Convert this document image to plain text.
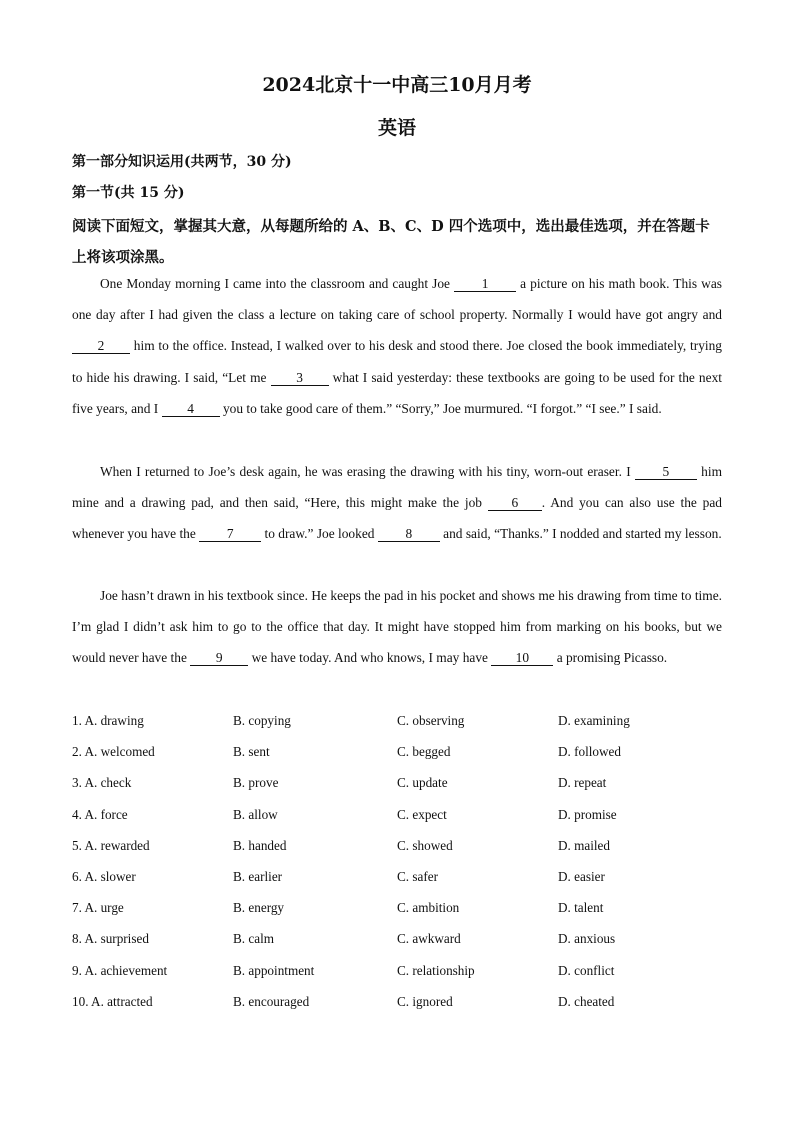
2024北京十一中高三10月月考
英语
第一部分知识运用(共两节，30 分)
第一节(共 15 分)
阅读下面短文，掌握其大意，从每题所给的 A、B、C、D 四个选项中，选出最佳选项，并在答题卡上将该项涂黑。
One Monday morning I came into the classroom and caught Joe 1 a picture on his math book. This was one day after I had given the class a lecture on taking care of school property. Normally I would have got angry and 2 him to the office. Instead, I walked over to his desk and stood there. Joe closed the book immediately, trying to hide his drawing. I said, “Let me 3 what I said yesterday: these textbooks are going to be used for the next five years, and I 4 you to take good care of them.” “Sorry,” Joe murmured. “I forgot.” “I see.” I said.
When I returned to Joe’s desk again, he was erasing the drawing with his tiny, worn-out eraser. I 5 him mine and a drawing pad, and then said, “Here, this might make the job 6 . And you can also use the pad whenever you have the 7 to draw.” Joe looked 8 and said, “Thanks.” I nodded and started my lesson.
Joe hasn’t drawn in his textbook since. He keeps the pad in his pocket and shows me his drawing from time to time. I’m glad I didn’t ask him to go to the office that day. It might have stopped him from marking on his books, but we would never have the 9 we have today. And who knows, I may have 10 a promising Picasso.
1. A. drawing	B. copying	C. observing	D. examining
2. A. welcomed	B. sent	C. begged	D. followed
3. A. check	B. prove	C. update	D. repeat
4. A. force	B. allow	C. expect	D. promise
5. A. rewarded	B. handed	C. showed	D. mailed
6. A. slower	B. earlier	C. safer	D. easier
7. A. urge	B. energy	C. ambition	D. talent
8. A. surprised	B. calm	C. awkward	D. anxious
9. A. achievement	B. appointment	C. relationship	D. conflict
10. A. attracted	B. encouraged	C. ignored	D. cheated
